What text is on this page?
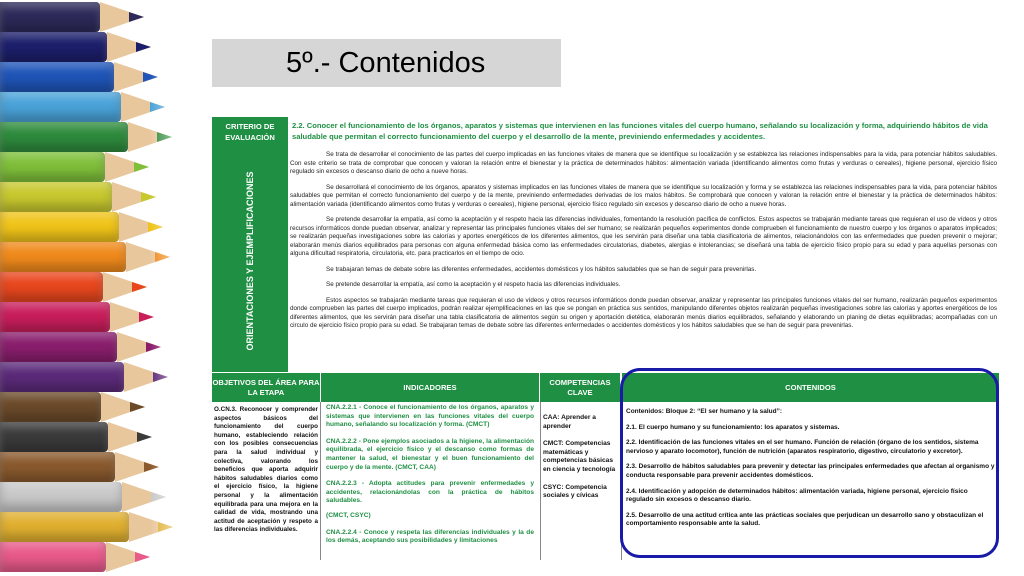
5º.- Contenidos
CRITERIO DE EVALUACIÓN
2.2. Conocer el funcionamiento de los órganos, aparatos y sistemas que intervienen en las funciones vitales del cuerpo humano, señalando su localización y forma, adquiriendo hábitos de vida saludable que permitan el correcto funcionamiento del cuerpo y el desarrollo de la mente, previniendo enfermedades y accidentes.
ORIENTACIONES Y EJEMPLIFICACIONES

Se trata de desarrollar el conocimiento de las partes del cuerpo implicadas en las funciones vitales de manera que se identifique su localización y se establezca las relaciones indispensables para la vida, para potenciar hábitos saludables. Con este criterio se trata de comprobar que conocen y valoran la relación entre el bienestar y la práctica de determinados hábitos: alimentación variada (identificando alimentos como frutas y verduras o cereales), higiene personal, ejercicio físico regulado sin excesos o descanso diario de ocho a nueve horas.

Se desarrollará el conocimiento de los órganos, aparatos y sistemas implicados en las funciones vitales de manera que se identifique su localización y forma y se establezca las relaciones indispensables para la vida, para potenciar hábitos saludables que permitan el correcto funcionamiento del cuerpo y de la mente, previniendo enfermedades derivadas de los malos hábitos. Se comprobará que conocen y valoran la relación entre el bienestar y la práctica de determinados hábitos: alimentación variada (identificando alimentos como frutas y verduras o cereales), higiene personal, ejercicio físico regulado sin excesos y descanso diario de ocho a nueve horas.

Se pretende desarrollar la empatía, así como la aceptación y el respeto hacia las diferencias individuales, fomentando la resolución pacífica de conflictos. Estos aspectos se trabajarán mediante tareas que requieran el uso de vídeos y otros recursos informáticos donde puedan observar, analizar y representar las principales funciones vitales del ser humano; se realizarán pequeños experimentos donde comprueben el funcionamiento de nuestro cuerpo y los órganos o aparatos implicados; se realizarán pequeñas investigaciones sobre las calorías y aportes energéticos de los diferentes alimentos, que les servirán para diseñar una tabla clasificatoria de alimentos, relacionándolos con las enfermedades que pueden prevenir o mejorar; elaborarán menús diarios equilibrados para personas con alguna enfermedad básica como las enfermedades circulatorias, diabetes, alergias e intolerancias; se diseñará una tabla de ejercicio físico propio para su edad y para aquellas personas con alguna dificultad respiratoria, circulatoria, etc. para practicarlos en el tiempo de ocio.

Se trabajaran temas de debate sobre las diferentes enfermedades, accidentes domésticos y los hábitos saludables que se han de seguir para prevenirlas.

Se pretende desarrollar la empatía, así como la aceptación y el respeto hacia las diferencias individuales.

Estos aspectos se trabajarán mediante tareas que requieran el uso de vídeos y otros recursos informáticos donde puedan observar, analizar y representar las principales funciones vitales del ser humano, realizarán pequeños experimentos donde comprueben las partes del cuerpo implicados, podrán realizar ejemplificaciones en las que se pongan en práctica sus sentidos, manipulando diferentes objetos realizarán pequeñas investigaciones sobre las calorías y aportes energéticos de los diferentes alimentos, que les servirán para diseñar una tabla clasificatoria de alimentos según su origen y aportación dietética, elaborarán menús diarios equilibrados, señalando y elaborando un planing de dietas equilibradas; acompañadas con un circulo de ejercicio físico propio para su edad. Se trabajaran temas de debate sobre las diferentes enfermedades o accidentes domésticos y los hábitos saludables que se han de seguir para prevenirlas.

OBJETIVOS DEL ÁREA PARA LA ETAPA
INDICADORES
COMPETENCIAS CLAVE
CONTENIDOS
O.CN.3. Reconocer y comprender aspectos básicos del funcionamiento del cuerpo humano, estableciendo relación con los posibles consecuencias para la salud individual y colectiva, valorando los beneficios que aporta adquirir hábitos saludables diarios como el ejercicio físico, la higiene personal y la alimentación equilibrada para una mejora en la calidad de vida, mostrando una actitud de aceptación y respeto a las diferencias individuales.

CNA.2.2.1 - Conoce el funcionamiento de los órganos, aparatos y sistemas que intervienen en las funciones vitales del cuerpo humano, señalando su localización y forma. (CMCT)

CNA.2.2.2 - Pone ejemplos asociados a la higiene, la alimentación equilibrada, el ejercicio físico y el descanso como formas de mantener la salud, el bienestar y el buen funcionamiento del cuerpo y de la mente. (CMCT, CAA)

CNA.2.2.3 - Adopta actitudes para prevenir enfermedades y accidentes, relacionándolas con la práctica de hábitos saludables.

(CMCT, CSYC)

CNA.2.2.4 - Conoce y respeta las diferencias individuales y la de los demás, aceptando sus posibilidades y limitaciones

CAA: Aprender a aprender

CMCT: Competencias matemáticas y competencias básicas en ciencia y tecnología

CSYC: Competencia sociales y cívicas

Contenidos: Bloque 2: “El ser humano y la salud”:

2.1. El cuerpo humano y su funcionamiento: los aparatos y sistemas.

2.2. Identificación de las funciones vitales en el ser humano. Función de relación (órgano de los sentidos, sistema nervioso y aparato locomotor), función de nutrición (aparatos respiratorio, digestivo, circulatorio y excretor).

2.3. Desarrollo de hábitos saludables para prevenir y detectar las principales enfermedades que afectan al organismo y conducta responsable para prevenir accidentes domésticos.

2.4. Identificación y adopción de determinados hábitos: alimentación variada, higiene personal, ejercicio físico regulado sin excesos o descanso diario.

2.5. Desarrollo de una actitud crítica ante las prácticas sociales que perjudican un desarrollo sano y obstaculizan el comportamiento responsable ante la salud.
